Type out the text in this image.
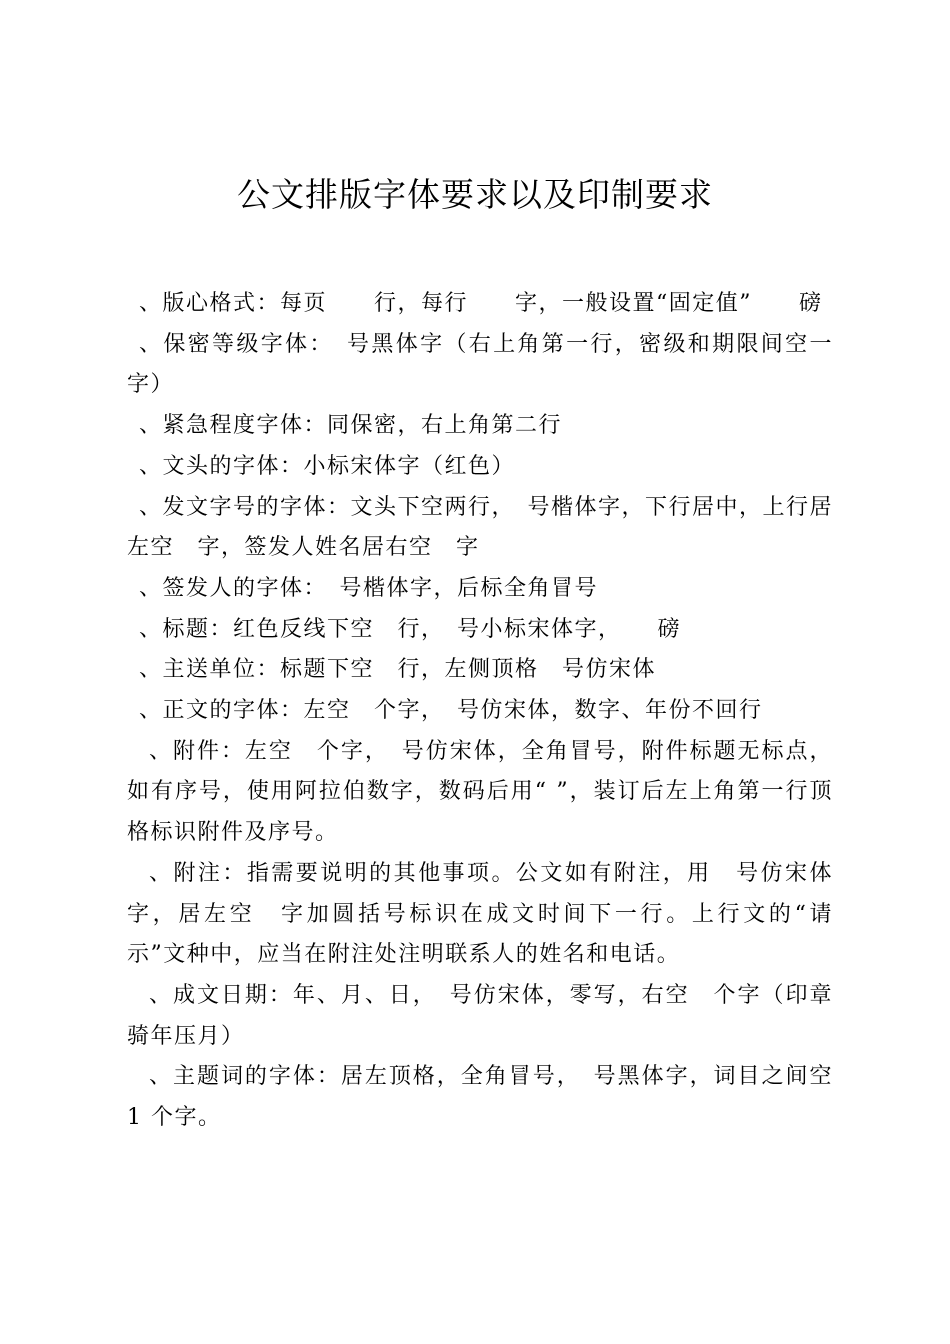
公文排版字体要求以及印制要求

、版心格式：每页　　行，每行　　字，一般设置“固定值”　　磅

、保密等级字体：　号黑体字（右上角第一行，密级和期限间空一字）

、紧急程度字体：同保密，右上角第二行

、文头的字体：小标宋体字（红色）

、发文字号的字体：文头下空两行，　号楷体字，下行居中，上行居左空　字，签发人姓名居右空　字

、签发人的字体：　号楷体字，后标全角冒号

、标题：红色反线下空　行，　号小标宋体字，　　磅

、主送单位：标题下空　行，左侧顶格　号仿宋体

、正文的字体：左空　个字，　号仿宋体，数字、年份不回行

、附件：左空　个字，　号仿宋体，全角冒号，附件标题无标点，如有序号，使用阿拉伯数字，数码后用“ ”，装订后左上角第一行顶格标识附件及序号。

、附注：指需要说明的其他事项。公文如有附注，用　号仿宋体字，居左空　字加圆括号标识在成文时间下一行。上行文的“请示”文种中，应当在附注处注明联系人的姓名和电话。

、成文日期：年、月、日，　号仿宋体，零写，右空　个字（印章骑年压月）

、主题词的字体：居左顶格，全角冒号，　号黑体字，词目之间空 1 个字。
